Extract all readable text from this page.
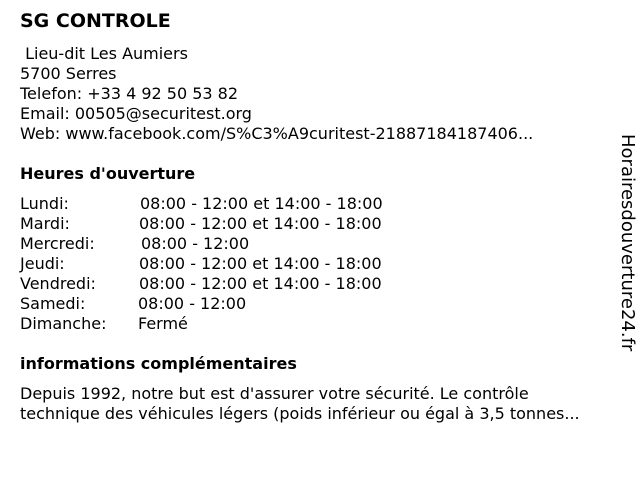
SG CONTROLE
Lieu-dit Les Aumiers
5700 Serres
Telefon: +33 4 92 50 53 82
Email: 00505@securitest.org
Web: www.facebook.com/S%C3%A9curitest-21887184187406...
Heures d'ouverture
Lundi:	08:00 - 12:00 et 14:00 - 18:00
Mardi:	08:00 - 12:00 et 14:00 - 18:00
Mercredi:	08:00 - 12:00
Jeudi:	08:00 - 12:00 et 14:00 - 18:00
Vendredi:	08:00 - 12:00 et 14:00 - 18:00
Samedi:	08:00 - 12:00
Dimanche: Fermé
informations complémentaires
Depuis 1992, notre but est d'assurer votre sécurité. Le contrôle
technique des véhicules légers (poids inférieur ou égal à 3,5 tonnes...
Horairesdouverture24.fr
